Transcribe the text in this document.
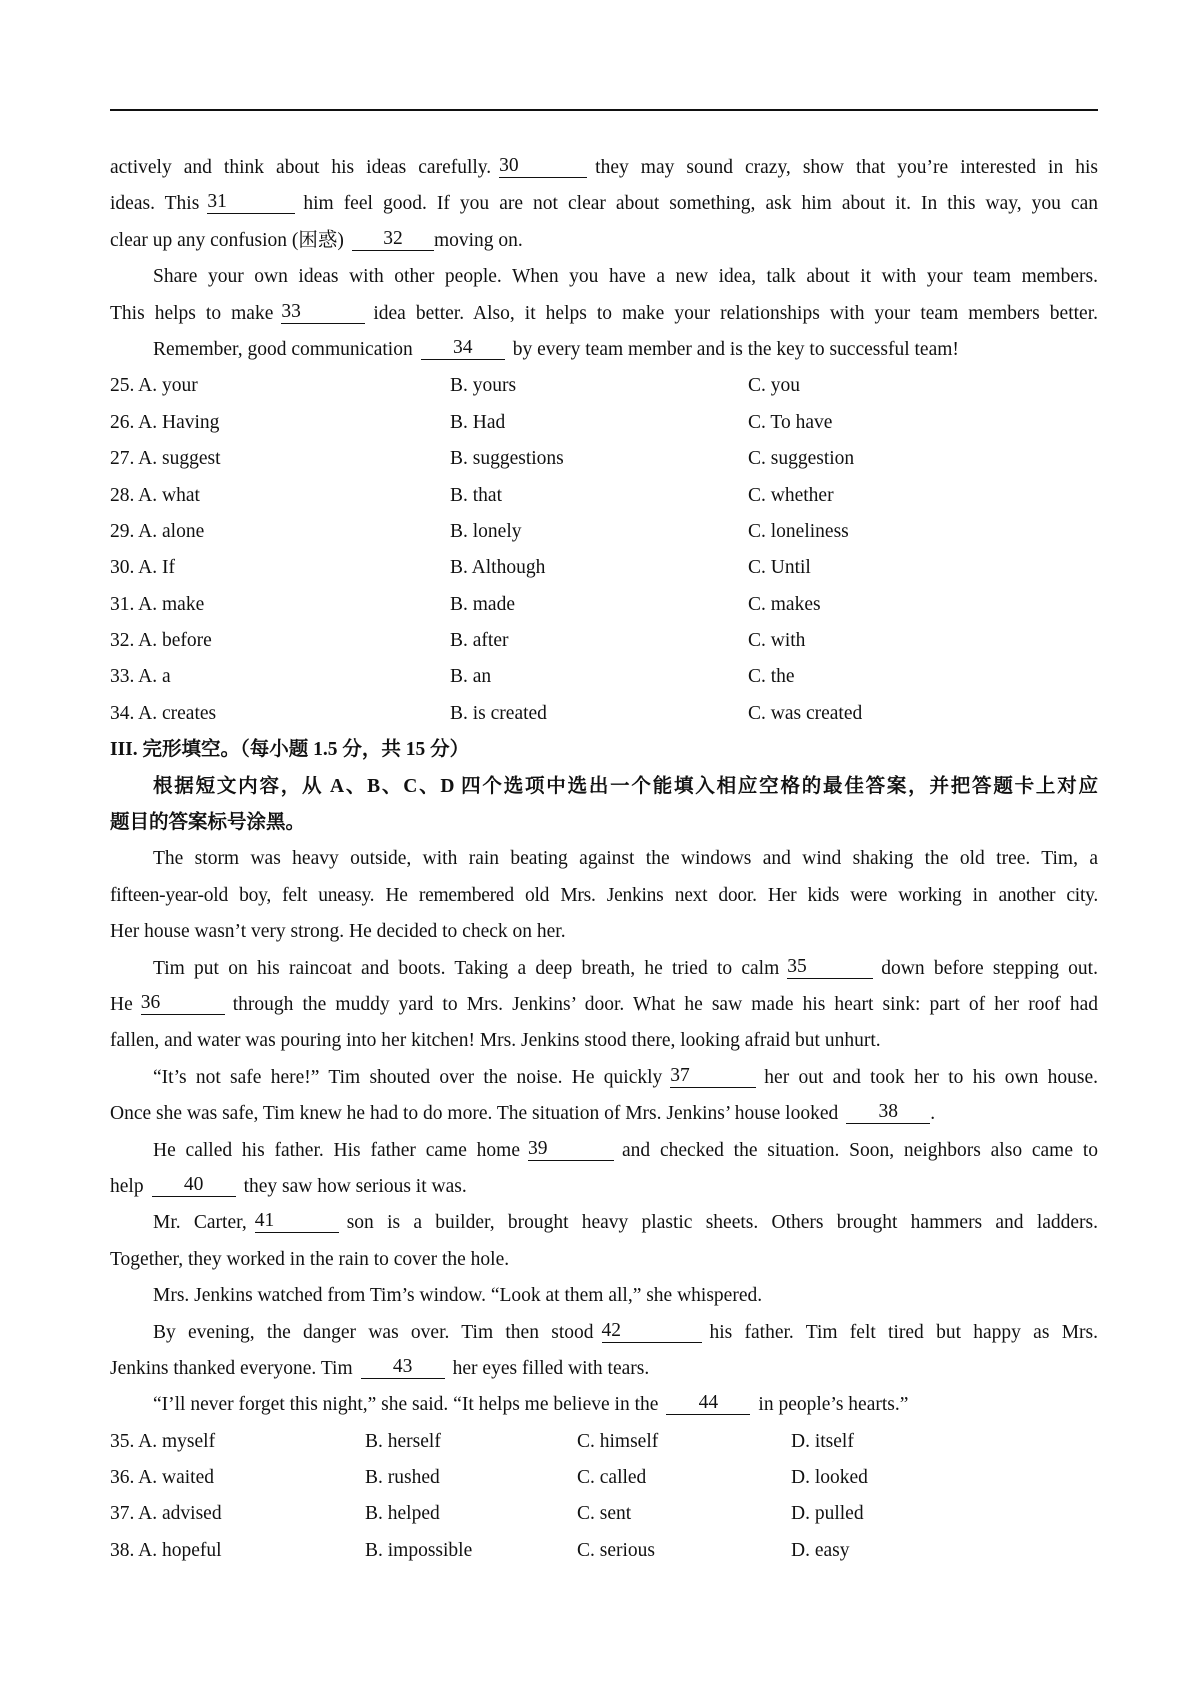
actively and think about his ideas carefully. 30	they may sound crazy, show that you’re interested in his
ideas. This 31	him feel good. If you are not clear about something, ask him about it. In this way, you can
clear up any confusion (困惑) 32 moving on.
Share your own ideas with other people. When you have a new idea, talk about it with your team members.
This helps to make 33	idea better. Also, it helps to make your relationships with your team members better.
Remember, good communication 34 by every team member and is the key to successful team!
25. A. your	B. yours	C. you
26. A. Having	B. Had	C. To have
27. A. suggest	B. suggestions	C. suggestion
28. A. what	B. that	C. whether
29. A. alone	B. lonely	C. loneliness
30. A. If	B. Although	C. Until
31. A. make	B. made	C. makes
32. A. before	B. after	C. with
33. A. a	B. an	C. the
34. A. creates	B. is created	C. was created
III. 完形填空。（每小题 1.5 分，共 15 分）
根据短文内容，从 A、B、C、D 四个选项中选出一个能填入相应空格的最佳答案，并把答题卡上对应
题目的答案标号涂黑。
The storm was heavy outside, with rain beating against the windows and wind shaking the old tree. Tim, a
fifteen-year-old boy, felt uneasy. He remembered old Mrs. Jenkins next door. Her kids were working in another city.
Her house wasn’t very strong. He decided to check on her.
Tim put on his raincoat and boots. Taking a deep breath, he tried to calm 35	down before stepping out.
He 36	through the muddy yard to Mrs. Jenkins’ door. What he saw made his heart sink: part of her roof had
fallen, and water was pouring into her kitchen! Mrs. Jenkins stood there, looking afraid but unhurt.
“It’s not safe here!” Tim shouted over the noise. He quickly 37	her out and took her to his own house.
Once she was safe, Tim knew he had to do more. The situation of Mrs. Jenkins’ house looked 38 .
He called his father. His father came home 39	and checked the situation. Soon, neighbors also came to
help 40 they saw how serious it was.
Mr. Carter, 41	son is a builder, brought heavy plastic sheets. Others brought hammers and ladders.
Together, they worked in the rain to cover the hole.
Mrs. Jenkins watched from Tim’s window. “Look at them all,” she whispered.
By evening, the danger was over. Tim then stood 42	his father. Tim felt tired but happy as Mrs.
Jenkins thanked everyone. Tim 43 her eyes filled with tears.
“I’ll never forget this night,” she said. “It helps me believe in the 44 in people’s hearts.”
35. A. myself	B. herself	C. himself	D. itself
36. A. waited	B. rushed	C. called	D. looked
37. A. advised	B. helped	C. sent	D. pulled
38. A. hopeful	B. impossible	C. serious	D. easy
